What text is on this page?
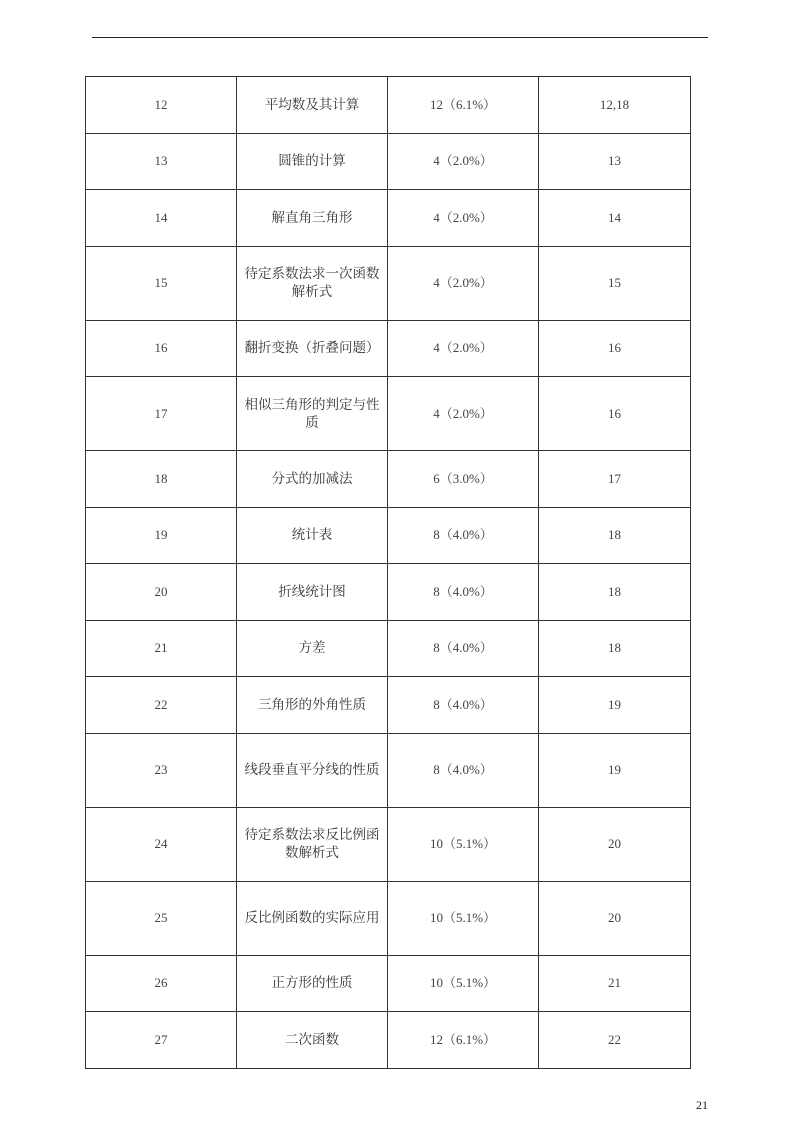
12	平均数及其计算	12（6.1%）	12,18
13	圆锥的计算	4（2.0%）	13
14	解直角三角形	4（2.0%）	14
15	待定系数法求一次函数解析式	4（2.0%）	15
16	翻折变换（折叠问题）	4（2.0%）	16
17	相似三角形的判定与性质	4（2.0%）	16
18	分式的加减法	6（3.0%）	17
19	统计表	8（4.0%）	18
20	折线统计图	8（4.0%）	18
21	方差	8（4.0%）	18
22	三角形的外角性质	8（4.0%）	19
23	线段垂直平分线的性质	8（4.0%）	19
24	待定系数法求反比例函数解析式	10（5.1%）	20
25	反比例函数的实际应用	10（5.1%）	20
26	正方形的性质	10（5.1%）	21
27	二次函数	12（6.1%）	22
21
